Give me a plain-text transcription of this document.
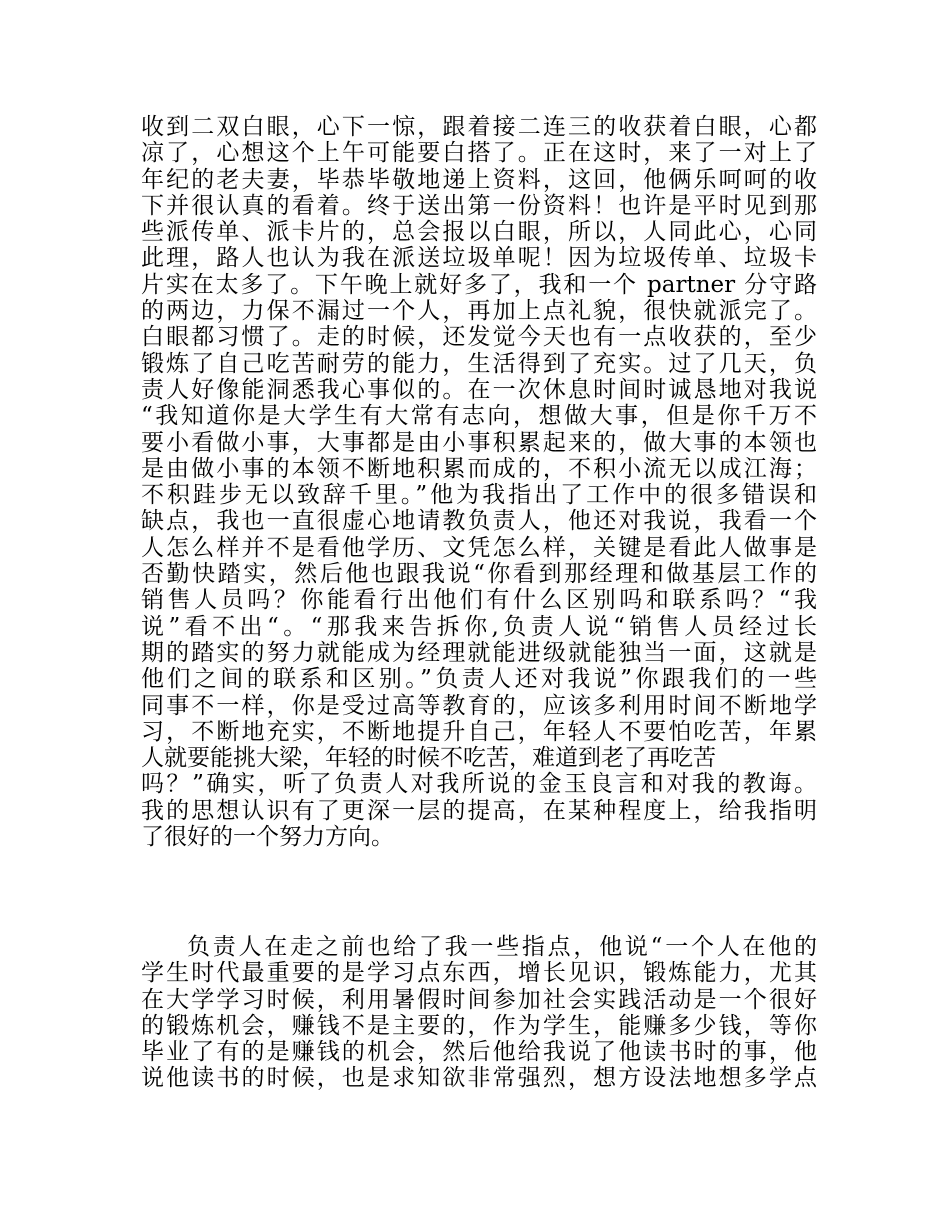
收到二双白眼，心下一惊，跟着接二连三的收获着白眼，心都
凉了，心想这个上午可能要白搭了。正在这时，来了一对上了
年纪的老夫妻，毕恭毕敬地递上资料，这回，他俩乐呵呵的收
下并很认真的看着。终于送出第一份资料！也许是平时见到那
些派传单、派卡片的，总会报以白眼，所以，人同此心，心同
此理，路人也认为我在派送垃圾单呢！因为垃圾传单、垃圾卡
片实在太多了。下午晚上就好多了，我和一个 partner 分守路
的两边，力保不漏过一个人，再加上点礼貌，很快就派完了。
白眼都习惯了。走的时候，还发觉今天也有一点收获的，至少
锻炼了自己吃苦耐劳的能力，生活得到了充实。过了几天，负
责人好像能洞悉我心事似的。在一次休息时间时诚恳地对我说
“我知道你是大学生有大常有志向，想做大事，但是你千万不
要小看做小事，大事都是由小事积累起来的，做大事的本领也
是由做小事的本领不断地积累而成的，不积小流无以成江海；
不积跬步无以致辞千里。”他为我指出了工作中的很多错误和
缺点，我也一直很虚心地请教负责人，他还对我说，我看一个
人怎么样并不是看他学历、文凭怎么样，关键是看此人做事是
否勤快踏实，然后他也跟我说“你看到那经理和做基层工作的
销售人员吗？你能看行出他们有什么区别吗和联系吗？“我
说”看不出“。“那我来告拆你,负责人说“销售人员经过长
期的踏实的努力就能成为经理就能进级就能独当一面，这就是
他们之间的联系和区别。”负责人还对我说”你跟我们的一些
同事不一样，你是受过高等教育的，应该多利用时间不断地学
习，不断地充实，不断地提升自己，年轻人不要怕吃苦，年累
人就要能挑大梁，年轻的时候不吃苦，难道到老了再吃苦
吗？”确实，听了负责人对我所说的金玉良言和对我的教诲。
我的思想认识有了更深一层的提高，在某种程度上，给我指明
了很好的一个努力方向。
负责人在走之前也给了我一些指点，他说“一个人在他的
学生时代最重要的是学习点东西，增长见识，锻炼能力，尤其
在大学学习时候，利用暑假时间参加社会实践活动是一个很好
的锻炼机会，赚钱不是主要的，作为学生，能赚多少钱，等你
毕业了有的是赚钱的机会，然后他给我说了他读书时的事，他
说他读书的时候，也是求知欲非常强烈，想方设法地想多学点
